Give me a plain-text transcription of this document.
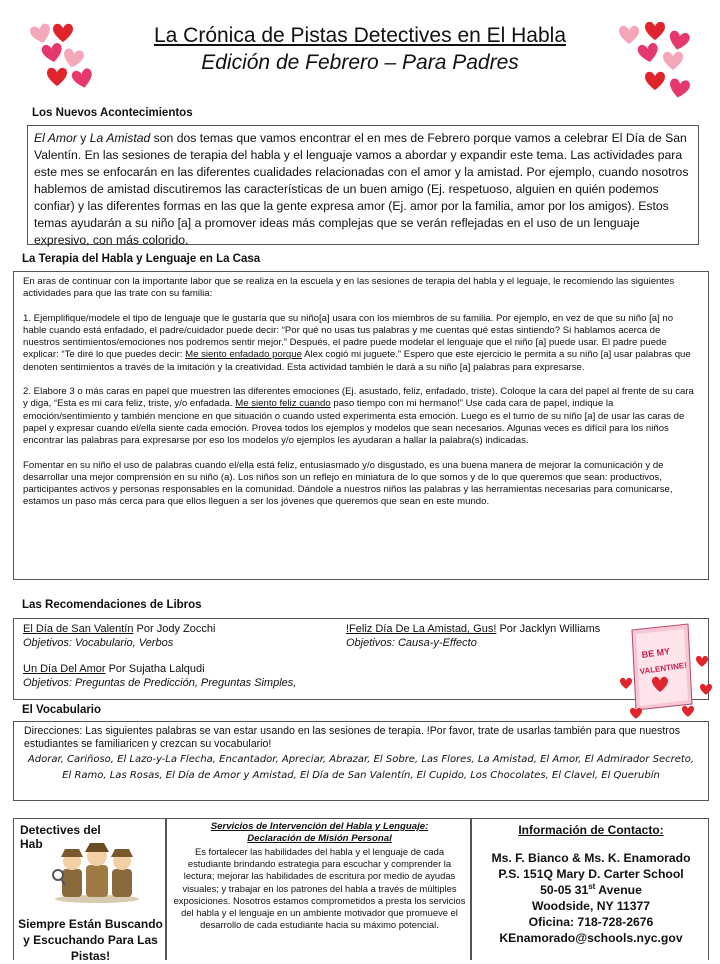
La Crónica de Pistas Detectives en El Habla
Edición de Febrero – Para Padres
Los Nuevos Acontecimientos
El Amor y La Amistad son dos temas que vamos encontrar el en mes de Febrero porque vamos a celebrar El Día de San Valentín. En las sesiones de terapia del habla y el lenguaje vamos a abordar y expandir este tema. Las actividades para este mes se enfocarán en las diferentes cualidades relacionadas con el amor y la amistad. Por ejemplo, cuando nosotros hablemos de amistad discutiremos las características de un buen amigo (Ej. respetuoso, alguien en quién podemos confiar) y las diferentes formas en las que la gente expresa amor (Ej. amor por la familia, amor por los amigos). Estos temas ayudarán a su niño [a] a promover ideas más complejas que se verán reflejadas en el uso de un lenguaje expresivo, con más colorido.
La Terapia del Habla y Lenguaje en La Casa

En aras de continuar con la importante labor que se realiza en la escuela y en las sesiones de terapia del habla y el leguaje, le recomiendo las siguientes actividades para que las trate con su familia:

1. Ejemplifique/modele el tipo de lenguaje que le gustaría que su niño[a] usara con los miembros de su familia. Por ejemplo, en vez de que su niño [a] no hable cuando está enfadado, el padre/cuidador puede decir: “Por qué no usas tus palabras y me cuentas qué estas sintiendo? Si hablamos acerca de nuestros sentimientos/emociones nos podremos sentir mejor.” Después, el padre puede modelar el lenguaje que el niño [a] puede usar. El padre puede explicar: “Te diré lo que puedes decir: Me siento enfadado porque Alex cogió mi juguete.” Espero que este ejercicio le permita a su niño [a] usar palabras que denoten sentimientos a través de la imitación y la creatividad. Esta actividad también le dará a su niño [a] palabras para expresarse.

2. Elabore 3 o más caras en papel que muestren las diferentes emociones (Ej. asustado, feliz, enfadado, triste). Coloque la cara del papel al frente de su cara y diga, “Esta es mi cara feliz, triste, y/o enfadada. Me siento feliz cuando paso tiempo con mi hermano!” Use cada cara de papel, indique la emoción/sentimiento y también mencione en que situación o cuando usted experimenta esta emoción. Luego es el turno de su niño [a] de usar las caras de papel y expresar cuando el/ella siente cada emoción. Provea todos los ejemplos y modelos que sean necesarios. Algunas veces es difícil para los niños encontrar las palabras para expresarse por eso los modelos y/o ejemplos les ayudaran a hallar la palabra(s) indicadas.

Fomentar en su niño el uso de palabras cuando el/ella está feliz, entusiasmado y/o disgustado, es una buena manera de mejorar la comunicación y de desarrollar una mejor comprensión en su niño (a). Los niños son un reflejo en miniatura de lo que somos y de lo que queremos que sean: productivos, participantes activos y personas responsables en la comunidad. Dándole a nuestros niños las palabras y las herramientas necesarias para comunicarse, estamos un paso más cerca para que ellos lleguen a ser los jóvenes que queremos que sean en este mundo.

Las Recomendaciones de Libros
El Día de San Valentín Por Jody Zocchi	!Feliz Día De La Amistad, Gus! Por Jacklyn Williams
Objetivos: Vocabulario, Verbos	Objetivos: Causa-y-Effecto
Un Día Del Amor Por Sujatha Lalqudi
Objetivos: Preguntas de Predicción, Preguntas Simples,
El Vocabulario
Direcciones: Las siguientes palabras se van estar usando en las sesiones de terapia. !Por favor, trate de usarlas también para que nuestros estudiantes se familiaricen y crezcan su vocabulario!
Adorar, Cariñoso, El Lazo-y-La Flecha, Encantador, Apreciar, Abrazar, El Sobre, Las Flores, La Amistad, El Amor, El Admirador Secreto, El Ramo, Las Rosas, El Día de Amor y Amistad, El Día de San Valentín, El Cupido, Los Chocolates, El Clavel, El Querubín
BE MY
VALENTINE!
Detectives del Hab
Siempre Están Buscando y Escuchando Para Las Pistas!
Servicios de Intervención del Habla y Lenguaje:
Declaración de Misión Personal
Es fortalecer las habilidades del habla y el lenguaje de cada estudiante brindando estrategia para escuchar y comprender la lectura; mejorar las habilidades de escritura por medio de ayudas visuales; y trabajar en los patrones del habla a través de múltiples exposiciones. Nosotros estamos comprometidos a presta los servicios del habla y el lenguaje en un ambiente motivador que promueve el desarrollo de cada estudiante hacia su máximo potencial.
Información de Contacto:
Ms. F. Bianco & Ms. K. Enamorado
P.S. 151Q Mary D. Carter School
50-05 31st Avenue
Woodside, NY 11377
Oficina: 718-728-2676
KEnamorado@schools.nyc.gov
